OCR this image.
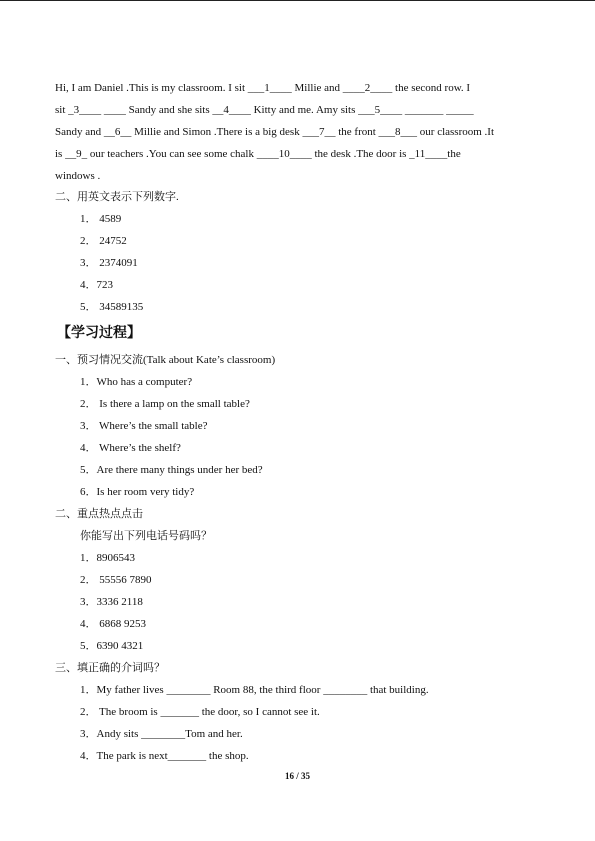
Hi, I am Daniel .This is my classroom. I sit ___1____ Millie and ____2____ the second row. I
sit _3____ ____ Sandy and she sits __4____ Kitty and me. Amy sits ___5____ _______ _____
Sandy and __6__ Millie and Simon .There is a big desk ___7__ the front ___8___ our classroom .It
is __9_ our teachers .You can see some chalk ____10____ the desk .The door is _11____the
windows .
二、用英文表示下列数字.
1． 4589
2． 24752
3． 2374091
4．723
5． 34589135
【学习过程】
一、预习情况交流(Talk about Kate’s classroom)
1．Who has a computer?
2． Is there a lamp on the small table?
3． Where’s the small table?
4． Where’s the shelf?
5．Are there many things under her bed?
6．Is her room very tidy?
二、重点热点点击
你能写出下列电话号码吗？
1．8906543
2． 55556 7890
3．3336 2118
4． 6868 9253
5．6390 4321
三、填正确的介词吗？
1．My father lives ________ Room 88, the third floor ________ that building.
2． The broom is _______ the door, so I cannot see it.
3．Andy sits ________Tom and her.
4．The park is next_______ the shop.
16 / 35
